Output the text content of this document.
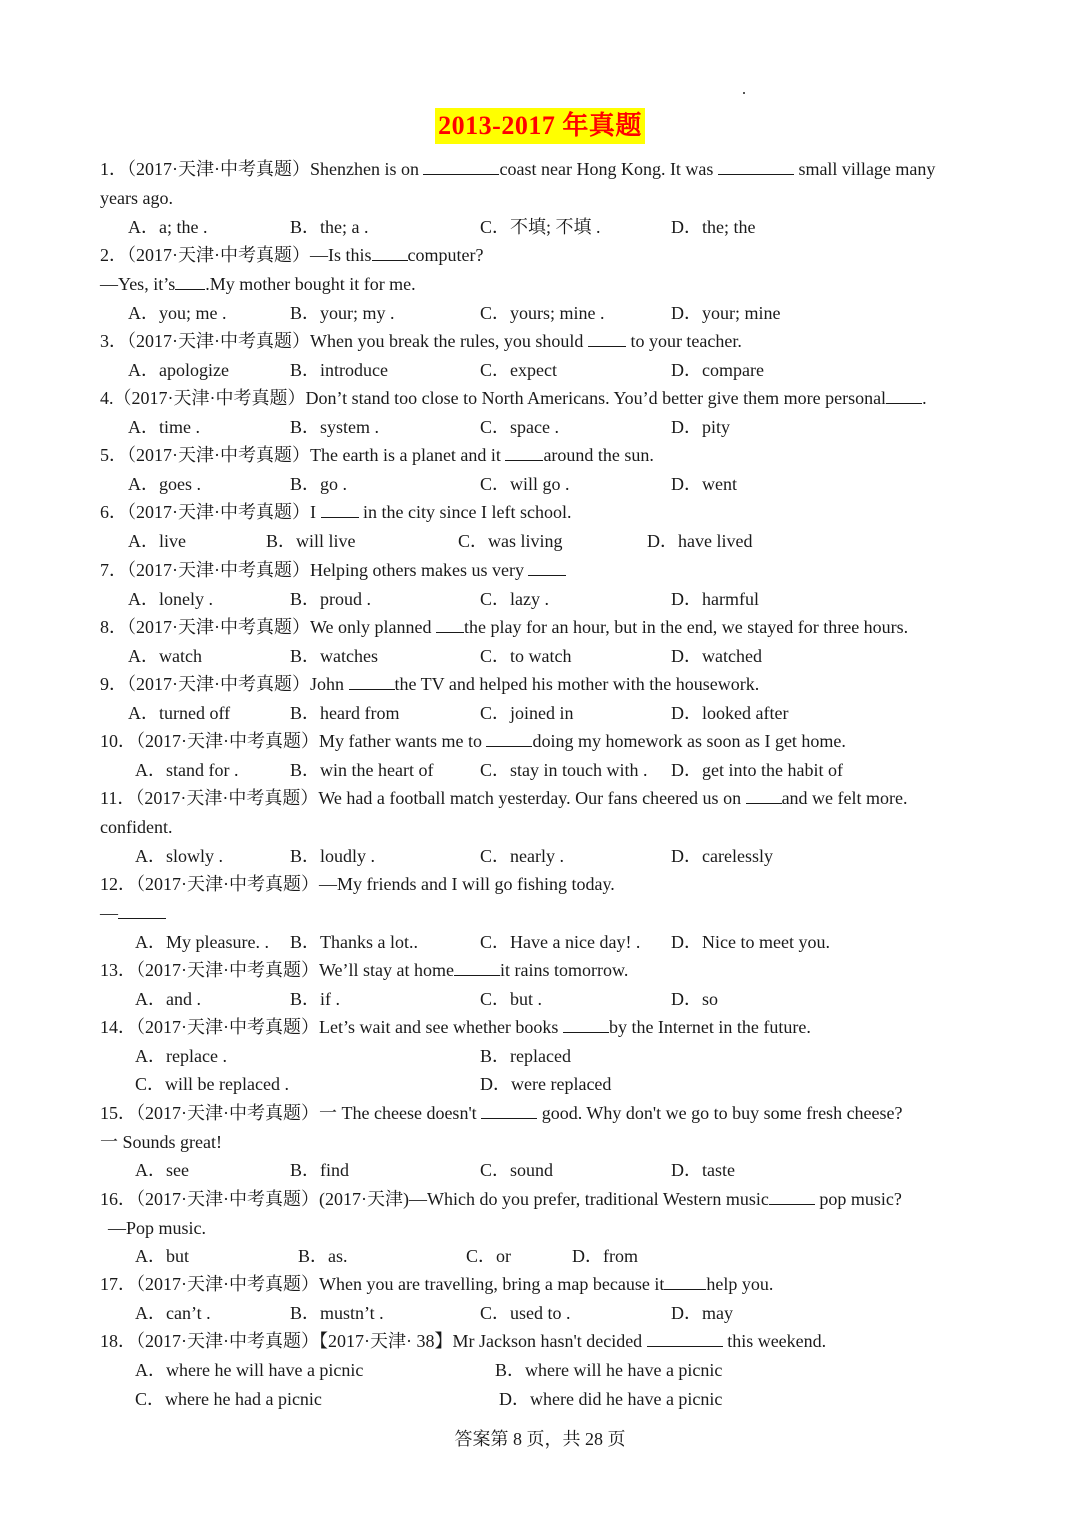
2013-2017 年真题
1．（2017·天津·中考真题）Shenzhen is on	coast near Hong Kong. It was	small village many
years ago.
A．a; the .	B．the; a .	C．不填; 不填 .	D．the; the
2．（2017·天津·中考真题）—Is this computer?
—Yes, it’s .My mother bought it for me.
A．you; me .	B．your; my .	C．yours; mine .	D．your; mine
3．（2017·天津·中考真题）When you break the rules, you should  to your teacher.
A．apologize	B．introduce	C．expect	D．compare
4.（2017·天津·中考真题）Don’t stand too close to North Americans. You’d better give them more personal .
A．time .	B．system .	C．space .	D．pity
5．（2017·天津·中考真题）The earth is a planet and it around the sun.
A．goes .	B．go .	C．will go .	D．went
6．（2017·天津·中考真题）I  in the city since I left school.
A．live	B．will live	C．was living	D．have lived
7．（2017·天津·中考真题）Helping others makes us very
A．lonely .	B．proud .	C．lazy .	D．harmful
8．（2017·天津·中考真题）We only planned the play for an hour, but in the end, we stayed for three hours.
A．watch	B．watches	C．to watch	D．watched
9．（2017·天津·中考真题）John	the TV and helped his mother with the housework.
A．turned off	B．heard from	C．joined in	D．looked after
10．（2017·天津·中考真题）My father wants me to	doing my homework as soon as I get home.
A．stand for .	B．win the heart of	C．stay in touch with . D．get into the habit of
11．（2017·天津·中考真题）We had a football match yesterday. Our fans cheered us on and we felt more.
confident.
A．slowly .	B．loudly .	C．nearly .	D．carelessly
12．（2017·天津·中考真题）—My friends and I will go fishing today.
—
A．My pleasure. . B．Thanks a lot..	C．Have a nice day! . D．Nice to meet you.
13．（2017·天津·中考真题）We’ll stay at home	it rains tomorrow.
A．and .	B．if .	C．but .	D．so
14．（2017·天津·中考真题）Let’s wait and see whether books	by the Internet in the future.
A．replace .	B．replaced
C．will be replaced .	D．were replaced
15．（2017·天津·中考真题）一 The cheese doesn't	good. Why don't we go to buy some fresh cheese?
一 Sounds great!
A．see	B．find	C．sound	D．taste
16．（2017·天津·中考真题）(2017·天津)—Which do you prefer, traditional Western music	pop music?
—Pop music.
A．but	B．as.	C．or	D．from
17．（2017·天津·中考真题）When you are travelling, bring a map because it help you.
A．can’t .	B．mustn’t .	C．used to .	D．may
18．（2017·天津·中考真题）【2017·天津· 38】Mr Jackson hasn't decided	this weekend.
A．where he will have a picnic	B．where will he have a picnic
C．where he had a picnic	D．where did he have a picnic
答案第 8 页，共 28 页
